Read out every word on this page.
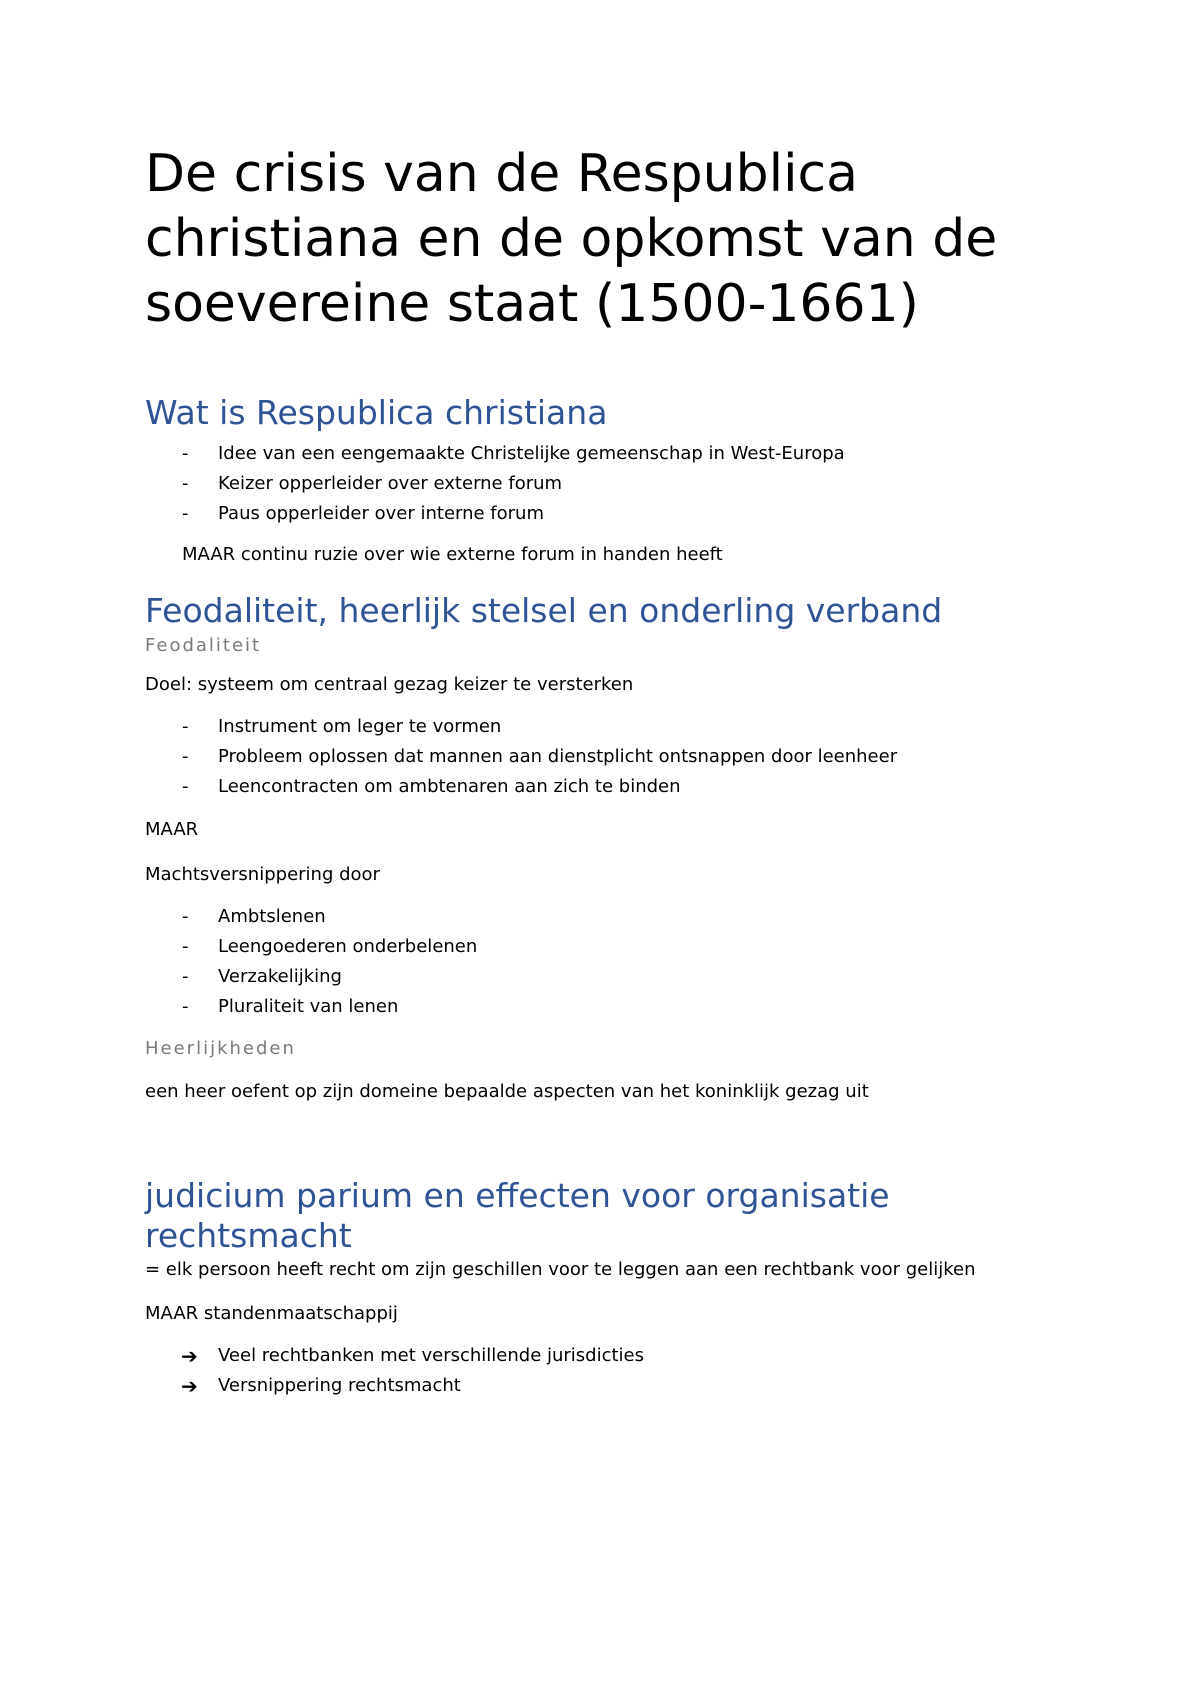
De crisis van de Respublica christiana en de opkomst van de soevereine staat (1500-1661)
Wat is Respublica christiana
- Idee van een eengemaakte Christelijke gemeenschap in West-Europa
- Keizer opperleider over externe forum
- Paus opperleider over interne forum

MAAR continu ruzie over wie externe forum in handen heeft

Feodaliteit, heerlijk stelsel en onderling verband
Feodaliteit

Doel: systeem om centraal gezag keizer te versterken

- Instrument om leger te vormen
- Probleem oplossen dat mannen aan dienstplicht ontsnappen door leenheer
- Leencontracten om ambtenaren aan zich te binden

MAAR

Machtsversnippering door

- Ambtslenen
- Leengoederen onderbelenen
- Verzakelijking
- Pluraliteit van lenen
Heerlijkheden

een heer oefent op zijn domeine bepaalde aspecten van het koninklijk gezag uit

judicium parium en effecten voor organisatie rechtsmacht

= elk persoon heeft recht om zijn geschillen voor te leggen aan een rechtbank voor gelijken

MAAR standenmaatschappij

➔ Veel rechtbanken met verschillende jurisdicties
➔ Versnippering rechtsmacht
